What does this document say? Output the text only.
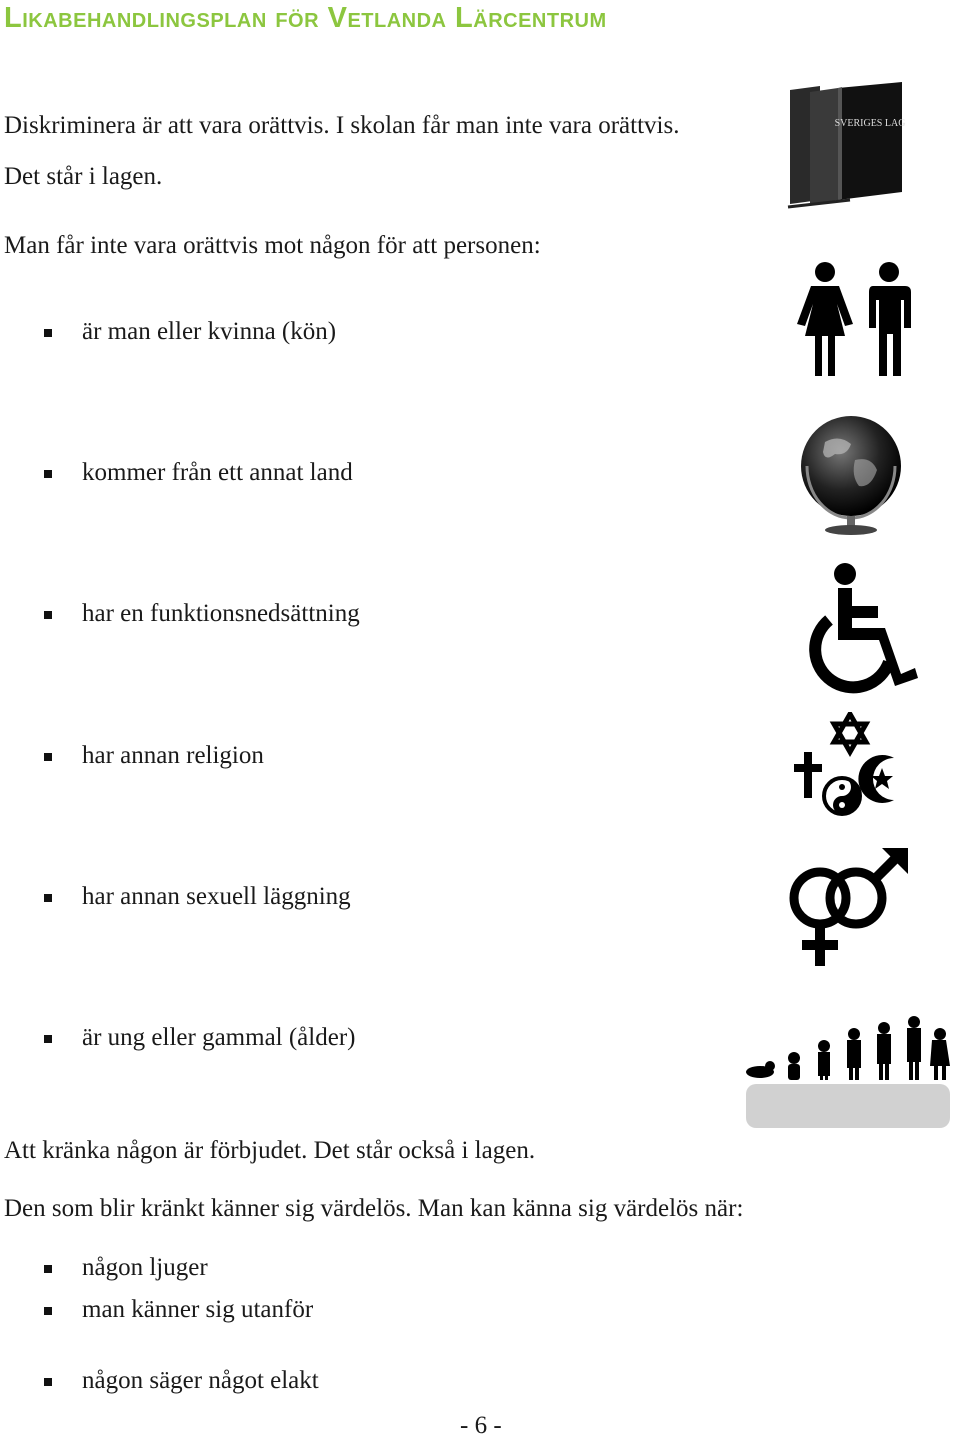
Likabehandlingsplan för Vetlanda Lärcentrum
Diskriminera är att vara orättvis. I skolan får man inte vara orättvis.
Det står i lagen.
Man får inte vara orättvis mot någon för att personen:
SVERIGES LAG
är man eller kvinna (kön)
kommer från ett annat land
har en funktionsnedsättning
har annan religion
har annan sexuell läggning
är ung eller gammal (ålder)
Att kränka någon är förbjudet. Det står också i lagen.
Den som blir kränkt känner sig värdelös. Man kan känna sig värdelös när:
någon ljuger
man känner sig utanför
någon säger något elakt
- 6 -
